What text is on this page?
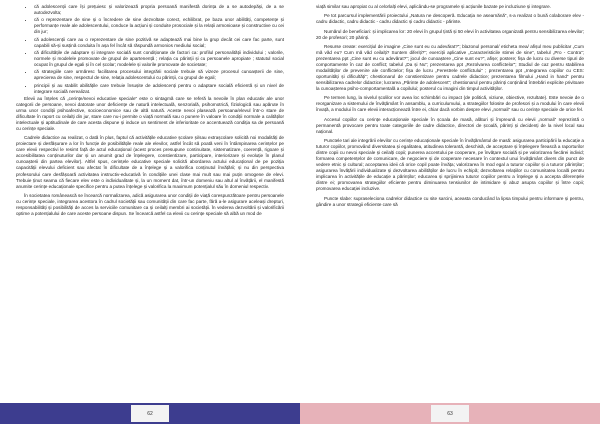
• că adolescenții care își prețuiesc și valorizează propria persoană manifestă dorința de a se autodepăși, de a se autodezvolta;
• că o reprezentare de sine și o încredere de sine dezvoltate corect, echilibrat, pe baza unor abilități, competențe și performanțe reale ale adolescentului, conduce la acțiuni și conduite prosociale și la relații armonioase și constructive cu cei din jur;
• că adolescenții care au o reprezentare de sine pozitivă se adaptează mai bine la grup decât cei care fac parte, sunt capabili să-și susțină conduita în așa fel încât să răspundă armonios mediului social;
• că dificultățile de adaptare și integrare socială sunt condiționate de factori ca: profilul personalității individului ; valorile, normele și modelele promovate de grupul de apartenență ; relația cu părinții și cu persoanele apropiate ; statutul social ocupat în grupul de egali și în cel școlar; modelele și valorile promovate de societate;
• că strategiile care urmăresc facilitarea procesului integrării sociale trebuie să vizeze procesul cunoașterii de sine, aprecierea de sine, respectul de sine, relația adolescentului cu părinții, cu grupul de egali;
• principii și au stabilit abilitățile care trebuie însușite de adolescenți pentru o adaptare socială eficientă și un nivel de integrare socială nerealizat.

Elevii au înțeles că „cerințe/nevoi educative speciale” este o sintagmă care se referă la nevoile în plan educativ ale unor categorii de persoane, nevoi datorate unor deficiențe de natură intelectuală, senzorială, psihomotrică, fiziologică sau apărute în urma unor condiții psihoafective, socioeconomice sau de altă natură. Aceste nevoi plasează persoana/elevul într-o stare de dificultate în raport cu ceilalți din jur, stare care nu-i permite o viață normală sau o punere în valoare în condiții normale a calităților intelectuale și aptitudinale de care acesta dispune și induce un sentiment de inferioritate ce accentuează condiția sa de persoană cu cerințe speciale.

Cadrele didactice au realizat, o dată în plus, faptul că activitățile educative școlare și/sau extrașcolare solicită noi modalități de proiectare și desfășurare a lor în funcție de posibilitățile reale ale elevilor, astfel încât să poată veni în întâmpinarea cerințelor pe care elevii respectivi le resimt față de actul educațional (acest proces presupune continuitate, sistematizare, coerență, rigoare și accesibilitatea conținuturilor dar și un anumit grad de înțelegere, constientizare, participare, interiorizare și evoluție în planul cunoașterii din partea elevilor). Altfel spus, cerințele educative speciale solicită abordarea actului educațional de pe poziția capacității elevului deficient sau afectat în dificultate de a înțelege și a valorifica conținutul învățării; și nu din perspectiva profesorului care desfășoară activitatea instructiv-educativă în condițiile unei clase mai mult sau mai puțin omogene de elevi. Trebuie ținut seama că fiecare elev este o individualitate și, la un moment dat, într-un domeniu sau altul al învățării, el manifestă anumite cerințe educaționale specifice pentru a putea înțelege și valorifica la maximum potențialul său în domeniul respectiv.

În societatea românească se încearcă normalizarea, adică asigurarea unor condiții de viață corespunzătoare pentru persoanele cu cerințe speciale, integrarea acestora în cadrul societății sau comunității din care fac parte, fără a-le asigurare aceleași drepturi, responsabilități și posibilități de acces la serviciile comunitare ca și ceilalți membri ai societății. În vederea dezvoltării și valorificării optime a potențialului de care aceste persoane dispun. Se încearcă astfel ca elevii cu cerințe speciale să albă un mod de

62

viață similar sau apropiat cu al celorlalți elevi, aplicându-se programele și acțiunile bazate pe incluziune și integrare.

Pe tot parcursul implementării proiectului „Natura ne descoperă. Educația ne asearnănă”, s-a realizat o bună colaborare elev - cadru didactic, cadru didactic - cadru didactic și cadru didactic - părinte.

Numărul de beneficiari: și implicarea lor: 20 elevi în grupul țintă și 50 elevi în activitatea organizată pentru sensibilizarea elevilor; 20 de profesori; 20 părinți.

Resurse create: exercițiul de imagine „Cine sunt eu cu adevărat?”; blazonul personal/ eticheta mea/ afișul meu publicitar „Cum mă văd eu? Cum mă văd ceilalți? Suntem diferiți?”; exerciții aplicative „Caracteristicile stimei de sine”, tabelul „Pro - Contra”; prezentarea ppt „Cine sunt eu cu adevărat?”; jocul de cunoaștere „Cine sunt eu?”, afișe; postere; fișa de lucru cu diverse tipuri de comportamente în caz de conflict; tabelul „Da și Nu”; prezentarea ppt „Rezolvarea conflictelor”; Studiul de caz pentru stabilirea modalităților de prevenire ale conflictelor; fișa de lucru „Ferestrele conflictului” ; prezentarea ppt „Integrarea copiilor cu CES: oportunități și dificultăți”; chestionarul de constientizare pentru cadrele didactice; prezentarea filmului „Hand in hand” pentru sensibilizarea cadrelor didactice; lucrarea „Părinte de adolescent”; chestionarul pentru părinți conținând întrebări explicite privitoare la cunoașterea psiho-comportamentală a copilului; posterul cu imagini din timpul activităților.

Pe termen lung, la nivelul școlilor vor avea loc schimbări cu impact (de politică, viziune, obiective, rezultate). Este nevoie de o reorganizare a sistemului de învățământ în ansamblu, a curriculumului, a strategiilor folosite de profesori și a modului în care elevii învață, a modului în care elevii interacționează între ei, chiar dacă vorbim despre elevi „normali” sau cu cerințe speciale de orice fel.

Accesul copiilor cu cerințe educaționale speciale în școala de masă, alături și împreună cu elevii „normali” reprezintă o permanentă provocare pentru toate categoriile de cadre didactice, directori de școală, părinți și decidenți de la nivel local sau național.

Punctele tari ale integrării elevilor cu cerințe educaționale speciale în învățământul de masă: asigurarea participării la educație a tuturor copiilor, promovând diversitatea și egalitatea, atitudinea tolerantă, deschisă, de acceptare și înțelegere firească a raporturilor dintre copii cu nevoi speciale și ceilalți copii; punerea accentului pe cooperare, pe învățare socială și pe valorizarea fiecărei individ; formarea competențelor de comunicare, de negociere și de cooperare necesare în contextul unui învățământ divers din punct de vedere etnic și cultural; acceptarea ideii că orice copil poate învăța; valorizarea în mod egal a tuturor copiilor și a tuturor părinților; asigurarea învățării individualizate și dezvoltarea abilităților de lucru în echipă; dezvoltarea relațiilor cu comunitatea locală pentru implicarea în activitățile de educație a părinților; educarea și sprijinirea tuturor copiilor pentru a înțelege și a accepta diferențele dintre ei; promovarea strategiilor eficiente pentru diminuarea tensiunilor de intimidare și abuz asupra copiilor și între copii; promovarea educației incluzive.

Puncte slabe: supraseleciona cadrelor didactice cu site sarcini, aceasta conducând la lipsa timpului pentru informare și pentru, gândire a unor strategii eficiente care să

63
